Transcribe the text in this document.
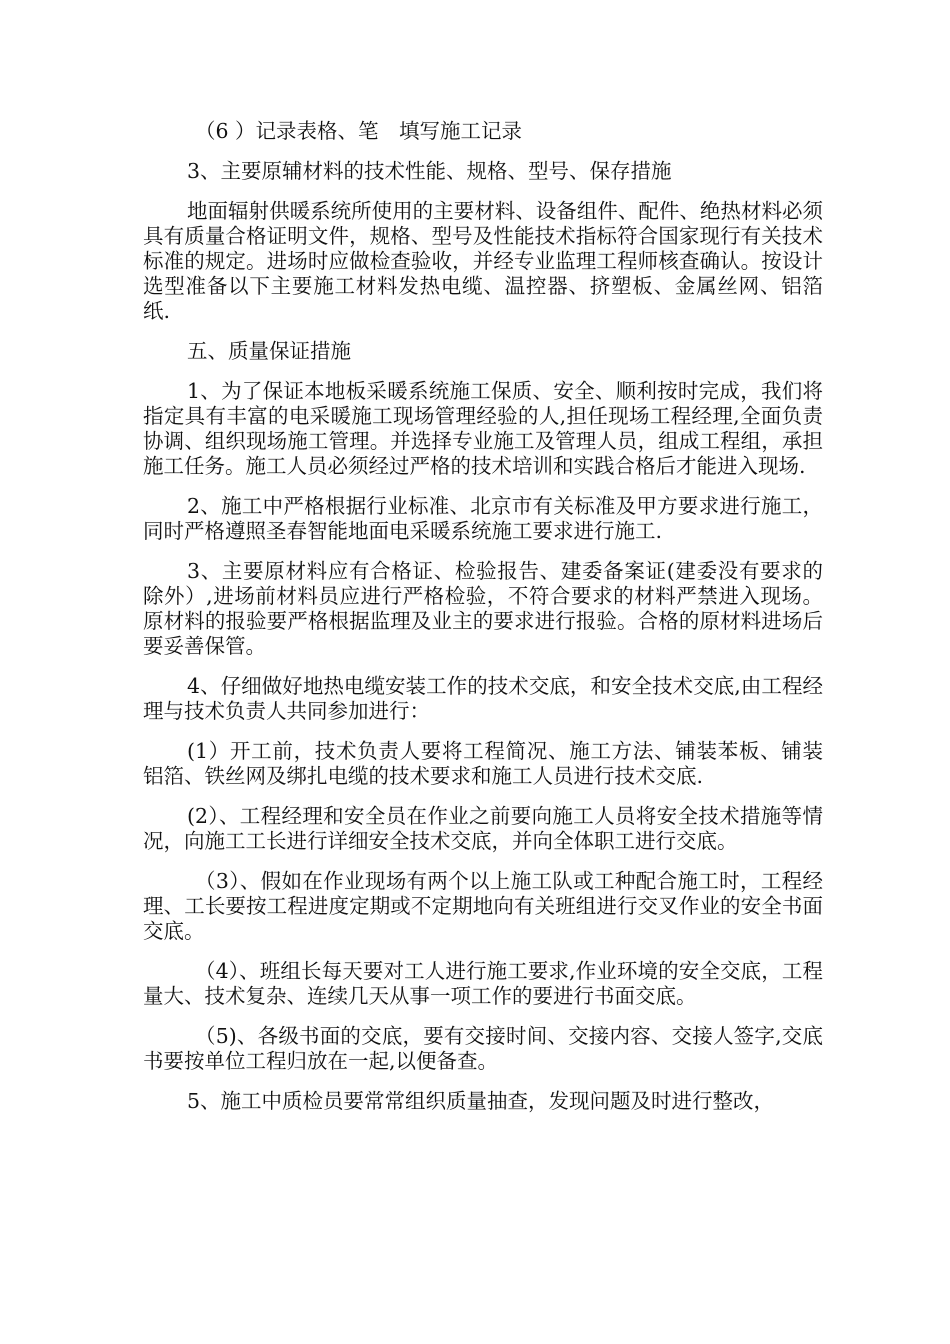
（6 ）记录表格、笔　填写施工记录

3、主要原辅材料的技术性能、规格、型号、保存措施

地面辐射供暖系统所使用的主要材料、设备组件、配件、绝热材料必须具有质量合格证明文件，规格、型号及性能技术指标符合国家现行有关技术标准的规定。进场时应做检查验收，并经专业监理工程师核查确认。按设计选型准备以下主要施工材料发热电缆、温控器、挤塑板、金属丝网、铝箔纸.

五、质量保证措施

1、为了保证本地板采暖系统施工保质、安全、顺利按时完成，我们将指定具有丰富的电采暖施工现场管理经验的人,担任现场工程经理,全面负责协调、组织现场施工管理。并选择专业施工及管理人员，组成工程组，承担施工任务。施工人员必须经过严格的技术培训和实践合格后才能进入现场.

2、施工中严格根据行业标准、北京市有关标准及甲方要求进行施工，同时严格遵照圣春智能地面电采暖系统施工要求进行施工.

3、主要原材料应有合格证、检验报告、建委备案证(建委没有要求的除外）,进场前材料员应进行严格检验，不符合要求的材料严禁进入现场。原材料的报验要严格根据监理及业主的要求进行报验。合格的原材料进场后要妥善保管。

4、仔细做好地热电缆安装工作的技术交底，和安全技术交底,由工程经理与技术负责人共同参加进行：

(1）开工前，技术负责人要将工程简况、施工方法、铺装苯板、铺装铝箔、铁丝网及绑扎电缆的技术要求和施工人员进行技术交底.

(2）、工程经理和安全员在作业之前要向施工人员将安全技术措施等情况，向施工工长进行详细安全技术交底，并向全体职工进行交底。

（3）、假如在作业现场有两个以上施工队或工种配合施工时，工程经理、工长要按工程进度定期或不定期地向有关班组进行交叉作业的安全书面交底。

（4）、班组长每天要对工人进行施工要求,作业环境的安全交底，工程量大、技术复杂、连续几天从事一项工作的要进行书面交底。

（5)、各级书面的交底，要有交接时间、交接内容、交接人签字,交底书要按单位工程归放在一起,以便备查。

5、施工中质检员要常常组织质量抽查，发现问题及时进行整改，
